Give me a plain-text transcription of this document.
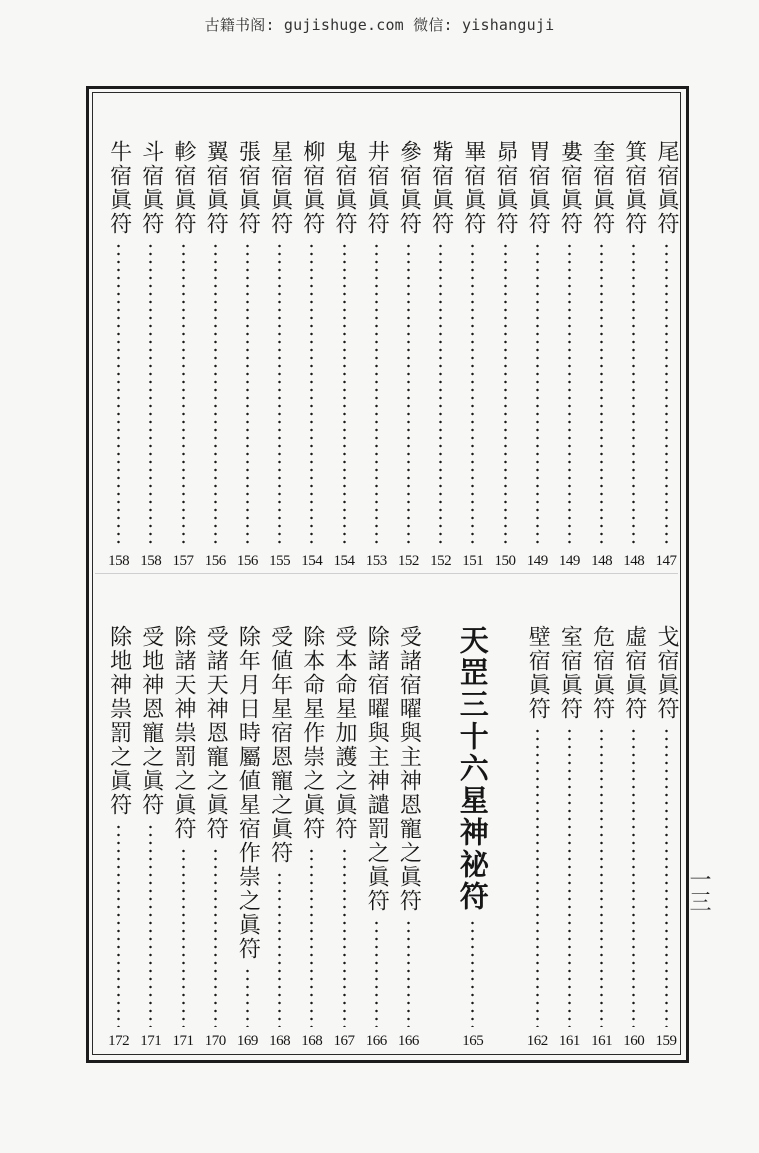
古籍书阁: gujishuge.com 微信: yishanguji
尾宿眞符
147
箕宿眞符
148
奎宿眞符
148
婁宿眞符
149
胃宿眞符
149
昴宿眞符
150
畢宿眞符
151
觜宿眞符
152
參宿眞符
152
井宿眞符
153
鬼宿眞符
154
柳宿眞符
154
星宿眞符
155
張宿眞符
156
翼宿眞符
156
軫宿眞符
157
斗宿眞符
158
牛宿眞符
158
戈宿眞符
159
虛宿眞符
160
危宿眞符
161
室宿眞符
161
壁宿眞符
162
天罡三十六星神祕符
165
受諸宿曜與主神恩寵之眞符
166
除諸宿曜與主神譴罰之眞符
166
受本命星加護之眞符
167
除本命星作崇之眞符
168
受値年星宿恩寵之眞符
168
除年月日時屬値星宿作崇之眞符
169
受諸天神恩寵之眞符
170
除諸天神祟罰之眞符
171
受地神恩寵之眞符
171
除地神祟罰之眞符
172
一三
